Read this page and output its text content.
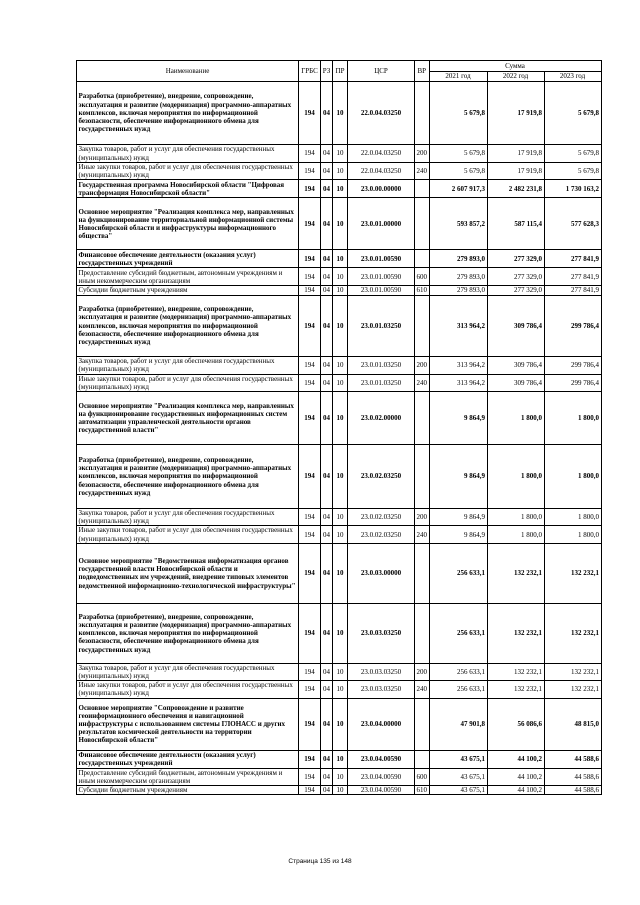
Наименование	ГРБС	РЗ	ПР	ЦСР	ВР	Сумма		
						2021 год	2022 год	2023 год
Разработка (приобретение), внедрение, сопровождение, эксплуатация и развитие (модернизация) программно-аппаратных комплексов, включая мероприятия по информационной безопасности, обеспечение информационного обмена для государственных нужд	194	04	10	22.0.04.03250		5 679,8	17 919,8	5 679,8
Закупка товаров, работ и услуг для обеспечения государственных (муниципальных) нужд	194	04	10	22.0.04.03250	200	5 679,8	17 919,8	5 679,8
Иные закупки товаров, работ и услуг для обеспечения государственных (муниципальных) нужд	194	04	10	22.0.04.03250	240	5 679,8	17 919,8	5 679,8
Государственная программа Новосибирской области "Цифровая трансформация Новосибирской области"	194	04	10	23.0.00.00000		2 607 917,3	2 482 231,8	1 730 163,2
Основное мероприятие "Реализация комплекса мер, направленных на функционирование территориальной информационной системы Новосибирской области и инфраструктуры информационного общества"	194	04	10	23.0.01.00000		593 857,2	587 115,4	577 628,3
Финансовое обеспечение деятельности (оказания услуг) государственных учреждений	194	04	10	23.0.01.00590		279 893,0	277 329,0	277 841,9
Предоставление субсидий бюджетным, автономным учреждениям и иным некоммерческим организациям	194	04	10	23.0.01.00590	600	279 893,0	277 329,0	277 841,9
Субсидии бюджетным учреждениям	194	04	10	23.0.01.00590	610	279 893,0	277 329,0	277 841,9
Разработка (приобретение), внедрение, сопровождение, эксплуатация и развитие (модернизация) программно-аппаратных комплексов, включая мероприятия по информационной безопасности, обеспечение информационного обмена для государственных нужд	194	04	10	23.0.01.03250		313 964,2	309 786,4	299 786,4
Закупка товаров, работ и услуг для обеспечения государственных (муниципальных) нужд	194	04	10	23.0.01.03250	200	313 964,2	309 786,4	299 786,4
Иные закупки товаров, работ и услуг для обеспечения государственных (муниципальных) нужд	194	04	10	23.0.01.03250	240	313 964,2	309 786,4	299 786,4
Основное мероприятие "Реализация комплекса мер, направленных на функционирование государственных информационных систем автоматизации управленческой деятельности органов государственной власти"	194	04	10	23.0.02.00000		9 864,9	1 800,0	1 800,0
Разработка (приобретение), внедрение, сопровождение, эксплуатация и развитие (модернизация) программно-аппаратных комплексов, включая мероприятия по информационной безопасности, обеспечение информационного обмена для государственных нужд	194	04	10	23.0.02.03250		9 864,9	1 800,0	1 800,0
Закупка товаров, работ и услуг для обеспечения государственных (муниципальных) нужд	194	04	10	23.0.02.03250	200	9 864,9	1 800,0	1 800,0
Иные закупки товаров, работ и услуг для обеспечения государственных (муниципальных) нужд	194	04	10	23.0.02.03250	240	9 864,9	1 800,0	1 800,0
Основное мероприятие "Ведомственная информатизация органов государственной власти Новосибирской области и подведомственных им учреждений, внедрение типовых элементов ведомственной информационно-технологической инфраструктуры"	194	04	10	23.0.03.00000		256 633,1	132 232,1	132 232,1
Разработка (приобретение), внедрение, сопровождение, эксплуатация и развитие (модернизация) программно-аппаратных комплексов, включая мероприятия по информационной безопасности, обеспечение информационного обмена для государственных нужд	194	04	10	23.0.03.03250		256 633,1	132 232,1	132 232,1
Закупка товаров, работ и услуг для обеспечения государственных (муниципальных) нужд	194	04	10	23.0.03.03250	200	256 633,1	132 232,1	132 232,1
Иные закупки товаров, работ и услуг для обеспечения государственных (муниципальных) нужд	194	04	10	23.0.03.03250	240	256 633,1	132 232,1	132 232,1
Основное мероприятие "Сопровождение и развитие геоинформационного обеспечения и навигационной инфраструктуры с использованием системы ГЛОНАСС и других результатов космической деятельности на территории Новосибирской области"	194	04	10	23.0.04.00000		47 901,8	56 086,6	48 815,0
Финансовое обеспечение деятельности (оказания услуг) государственных учреждений	194	04	10	23.0.04.00590		43 675,1	44 100,2	44 588,6
Предоставление субсидий бюджетным, автономным учреждениям и иным некоммерческим организациям	194	04	10	23.0.04.00590	600	43 675,1	44 100,2	44 588,6
Субсидии бюджетным учреждениям	194	04	10	23.0.04.00590	610	43 675,1	44 100,2	44 588,6
Страница 135 из 148
